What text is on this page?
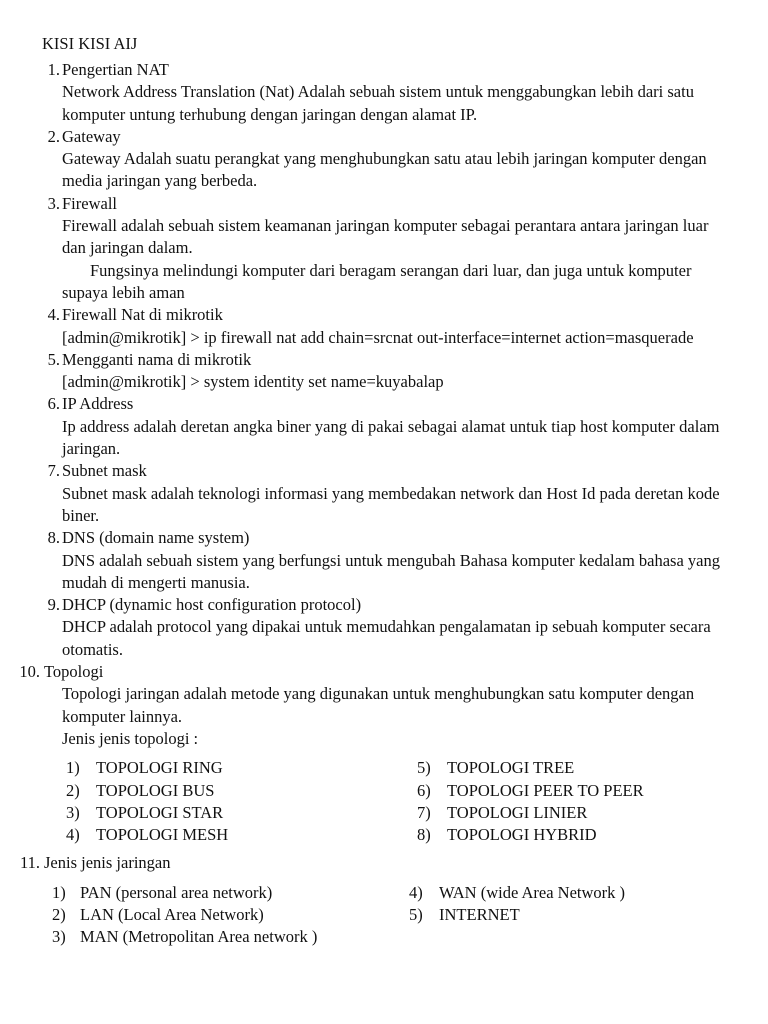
KISI KISI AIJ
1. Pengertian NAT
Network Address Translation (Nat) Adalah sebuah sistem untuk menggabungkan lebih dari satu komputer untung terhubung dengan jaringan dengan alamat IP.
2. Gateway
Gateway Adalah suatu perangkat yang menghubungkan satu atau lebih jaringan komputer dengan media jaringan yang berbeda.
3. Firewall
Firewall adalah sebuah sistem keamanan jaringan komputer sebagai perantara antara jaringan luar dan jaringan dalam.
Fungsinya melindungi komputer dari beragam serangan dari luar, dan juga untuk komputer supaya lebih aman
4. Firewall Nat di mikrotik
[admin@mikrotik] > ip firewall nat add chain=srcnat out-interface=internet action=masquerade
5. Mengganti nama di mikrotik
[admin@mikrotik] > system identity set name=kuyabalap
6. IP Address
Ip address adalah deretan angka biner yang di pakai sebagai alamat untuk tiap host komputer dalam jaringan.
7. Subnet mask
Subnet mask adalah teknologi informasi yang membedakan network dan Host Id pada deretan kode biner.
8. DNS (domain name system)
DNS adalah sebuah sistem yang berfungsi untuk mengubah Bahasa komputer kedalam bahasa yang mudah di mengerti manusia.
9. DHCP (dynamic host configuration protocol)
DHCP adalah protocol yang dipakai untuk memudahkan pengalamatan ip sebuah komputer secara otomatis.
10. Topologi
Topologi jaringan adalah metode yang digunakan untuk menghubungkan satu komputer dengan komputer lainnya.
Jenis jenis topologi :
1) TOPOLOGI RING
2) TOPOLOGI BUS
3) TOPOLOGI STAR
4) TOPOLOGI MESH
5) TOPOLOGI TREE
6) TOPOLOGI PEER TO PEER
7) TOPOLOGI LINIER
8) TOPOLOGI HYBRID
11. Jenis jenis jaringan
1) PAN (personal area network)
2) LAN (Local Area Network)
3) MAN (Metropolitan Area network )
4) WAN (wide Area Network )
5) INTERNET
